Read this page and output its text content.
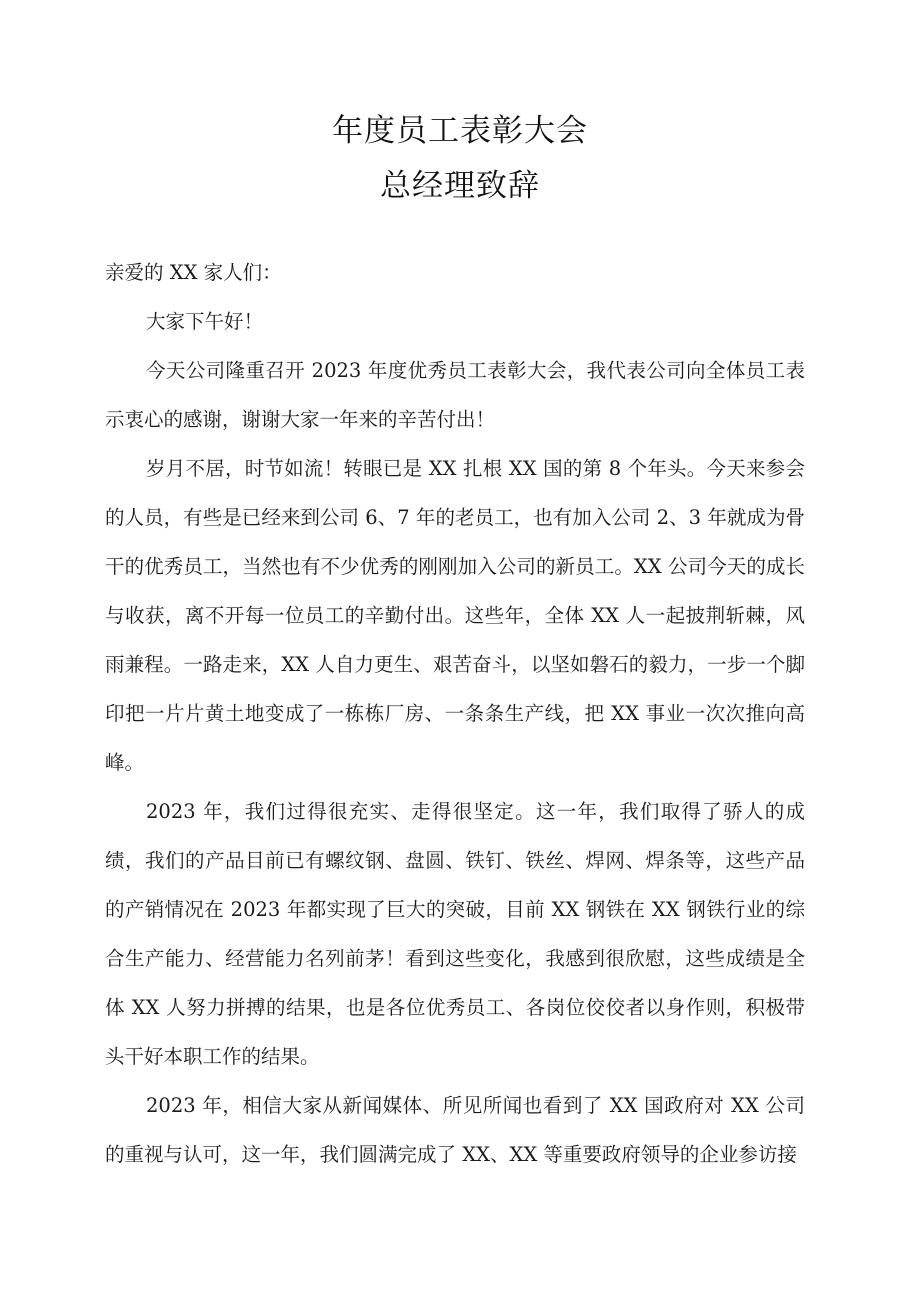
年度员工表彰大会
总经理致辞

亲爱的 XX 家人们：

大家下午好！

今天公司隆重召开 2023 年度优秀员工表彰大会，我代表公司向全体员工表示衷心的感谢，谢谢大家一年来的辛苦付出！

岁月不居，时节如流！转眼已是 XX 扎根 XX 国的第 8 个年头。今天来参会的人员，有些是已经来到公司 6、7 年的老员工，也有加入公司 2、3 年就成为骨干的优秀员工，当然也有不少优秀的刚刚加入公司的新员工。XX 公司今天的成长与收获，离不开每一位员工的辛勤付出。这些年，全体 XX 人一起披荆斩棘，风雨兼程。一路走来，XX 人自力更生、艰苦奋斗，以坚如磐石的毅力，一步一个脚印把一片片黄土地变成了一栋栋厂房、一条条生产线，把 XX 事业一次次推向高峰。

2023 年，我们过得很充实、走得很坚定。这一年，我们取得了骄人的成绩，我们的产品目前已有螺纹钢、盘圆、铁钉、铁丝、焊网、焊条等，这些产品的产销情况在 2023 年都实现了巨大的突破，目前 XX 钢铁在 XX 钢铁行业的综合生产能力、经营能力名列前茅！看到这些变化，我感到很欣慰，这些成绩是全体 XX 人努力拼搏的结果，也是各位优秀员工、各岗位佼佼者以身作则，积极带头干好本职工作的结果。

2023 年，相信大家从新闻媒体、所见所闻也看到了 XX 国政府对 XX 公司的重视与认可，这一年，我们圆满完成了 XX、XX 等重要政府领导的企业参访接
